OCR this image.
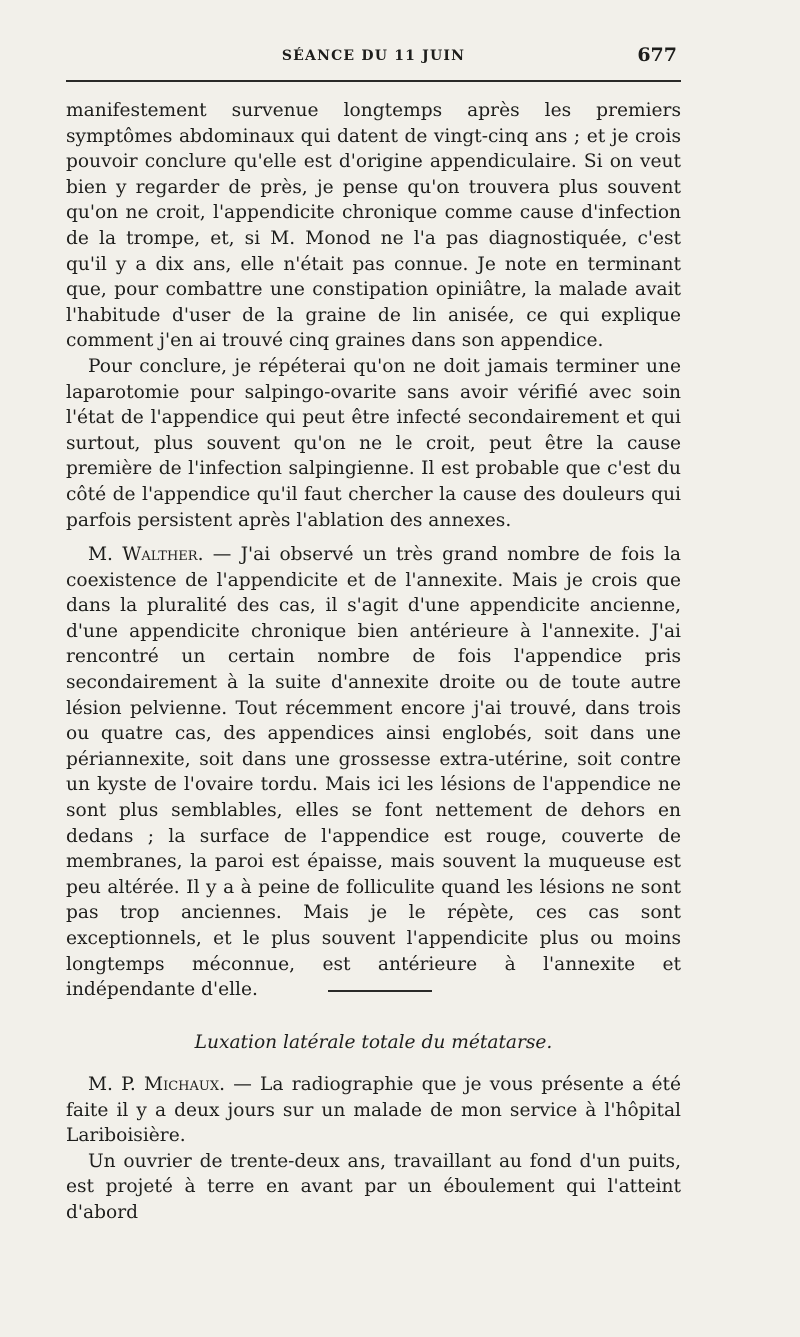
SÉANCE DU 11 JUIN	677

manifestement survenue longtemps après les premiers symptômes abdominaux qui datent de vingt-cinq ans ; et je crois pouvoir conclure qu'elle est d'origine appendiculaire. Si on veut bien y regarder de près, je pense qu'on trouvera plus souvent qu'on ne croit, l'appendicite chronique comme cause d'infection de la trompe, et, si M. Monod ne l'a pas diagnostiquée, c'est qu'il y a dix ans, elle n'était pas connue. Je note en terminant que, pour combattre une constipation opiniâtre, la malade avait l'habitude d'user de la graine de lin anisée, ce qui explique comment j'en ai trouvé cinq graines dans son appendice.

Pour conclure, je répéterai qu'on ne doit jamais terminer une laparotomie pour salpingo-ovarite sans avoir vérifié avec soin l'état de l'appendice qui peut être infecté secondairement et qui surtout, plus souvent qu'on ne le croit, peut être la cause première de l'infection salpingienne. Il est probable que c'est du côté de l'appendice qu'il faut chercher la cause des douleurs qui parfois persistent après l'ablation des annexes.

M. Walther. — J'ai observé un très grand nombre de fois la coexistence de l'appendicite et de l'annexite. Mais je crois que dans la pluralité des cas, il s'agit d'une appendicite ancienne, d'une appendicite chronique bien antérieure à l'annexite. J'ai rencontré un certain nombre de fois l'appendice pris secondairement à la suite d'annexite droite ou de toute autre lésion pelvienne. Tout récemment encore j'ai trouvé, dans trois ou quatre cas, des appendices ainsi englobés, soit dans une périannexite, soit dans une grossesse extra-utérine, soit contre un kyste de l'ovaire tordu. Mais ici les lésions de l'appendice ne sont plus semblables, elles se font nettement de dehors en dedans ; la surface de l'appendice est rouge, couverte de membranes, la paroi est épaisse, mais souvent la muqueuse est peu altérée. Il y a à peine de folliculite quand les lésions ne sont pas trop anciennes. Mais je le répète, ces cas sont exceptionnels, et le plus souvent l'appendicite plus ou moins longtemps méconnue, est antérieure à l'annexite et indépendante d'elle.

Luxation latérale totale du métatarse.

M. P. Michaux. — La radiographie que je vous présente a été faite il y a deux jours sur un malade de mon service à l'hôpital Lariboisière.

Un ouvrier de trente-deux ans, travaillant au fond d'un puits, est projeté à terre en avant par un éboulement qui l'atteint d'abord
